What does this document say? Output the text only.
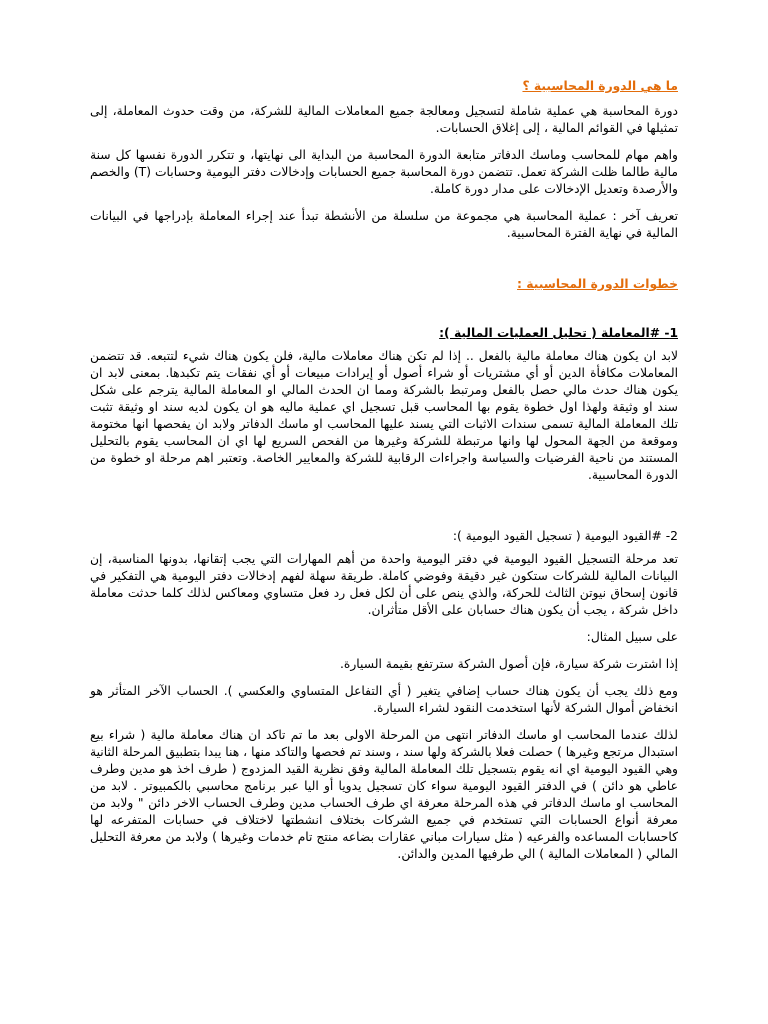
ما هي الدورة المحاسبية ؟

دورة المحاسبة هي عملية شاملة لتسجيل ومعالجة جميع المعاملات المالية للشركة، من وقت حدوث المعاملة، إلى تمثيلها في القوائم المالية ، إلى إغلاق الحسابات.

واهم مهام للمحاسب وماسك الدفاتر متابعة الدورة المحاسبة من البداية الى نهايتها، و تتكرر الدورة نفسها كل سنة مالية طالما ظلت الشركة تعمل. تتضمن دورة المحاسبة جميع الحسابات وإدخالات دفتر اليومية وحسابات (T) والخصم والأرصدة وتعديل الإدخالات على مدار دورة كاملة.

تعريف آخر : عملية المحاسبة هي مجموعة من سلسلة من الأنشطة تبدأ عند إجراء المعاملة بإدراجها في البيانات المالية في نهاية الفترة المحاسبية.

خطوات الدورة المحاسبية :
1- #المعاملة ( تحليل العمليات المالية ):

لابد ان يكون هناك معاملة مالية بالفعل .. إذا لم تكن هناك معاملات مالية، فلن يكون هناك شيء لتتبعه. قد تتضمن المعاملات مكافأة الدين أو أي مشتريات أو شراء أصول أو إيرادات مبيعات أو أي نفقات يتم تكبدها. بمعنى لابد ان يكون هناك حدث مالي حصل بالفعل ومرتبط بالشركة ومما ان الحدث المالي او المعاملة المالية يترجم على شكل سند او وثيقة ولهذا اول خطوة يقوم بها المحاسب قبل تسجيل اي عملية ماليه هو ان يكون لديه سند او وثيقة تثبت تلك المعاملة المالية تسمى سندات الاثبات التي يسند عليها المحاسب او ماسك الدفاتر ولابد ان يفحصها انها مختومة وموقعة من الجهة المحول لها وانها مرتبطة للشركة وغيرها من الفحص السريع لها اي ان المحاسب يقوم بالتحليل المستند من ناحية الفرضيات والسياسة واجراءات الرقابية للشركة والمعايير الخاصة. وتعتبر اهم مرحلة او خطوة من الدورة المحاسبية.

2- #القيود اليومية ( تسجيل القيود اليومية ):

تعد مرحلة التسجيل القيود اليومية في دفتر اليومية واحدة من أهم المهارات التي يجب إتقانها، بدونها المناسبة، إن البيانات المالية للشركات ستكون غير دقيقة وفوضي كاملة. طريقة سهلة لفهم إدخالات دفتر اليومية هي التفكير في قانون إسحاق نيوتن الثالث للحركة، والذي ينص على أن لكل فعل رد فعل متساوي ومعاكس لذلك كلما حدثت معاملة داخل شركة ، يجب أن يكون هناك حسابان على الأقل متأثران.

على سبيل المثال:

إذا اشترت شركة سيارة، فإن أصول الشركة سترتفع بقيمة السيارة.

ومع ذلك يجب أن يكون هناك حساب إضافي يتغير ( أي التفاعل المتساوي والعكسي ). الحساب الآخر المتأثر هو انخفاض أموال الشركة لأنها استخدمت النقود لشراء السيارة.

لذلك عندما المحاسب او ماسك الدفاتر انتهى من المرحلة الاولى بعد ما تم تاكد ان هناك معاملة مالية ( شراء بيع استبدال مرتجع وغيرها ) حصلت فعلا بالشركة ولها سند ، وسند تم فحصها والتاكد منها ، هنا يبدا بتطبيق المرحلة الثانية وهي القيود اليومية اي انه يقوم بتسجيل تلك المعاملة المالية وفق نظرية القيد المزدوج ( طرف اخذ هو مدين وطرف عاطي هو دائن ) في الدفتر القيود اليومية سواء كان تسجيل يدويا أو اليا عبر برنامج محاسبي بالكمبيوتر . لابد من المحاسب او ماسك الدفاتر في هذه المرحلة معرفة اي طرف الحساب مدين وطرف الحساب الاخر دائن " ولابد من معرفة أنواع الحسابات التي تستخدم في جميع الشركات بختلاف انشطتها لاختلاف في حسابات المتفرعه لها كاحسابات المساعده والفرعيه ( مثل سيارات مباني عقارات بضاعه منتج تام خدمات وغيرها ) ولابد من معرفة التحليل المالي ( المعاملات المالية ) الي طرفيها المدين والدائن.
